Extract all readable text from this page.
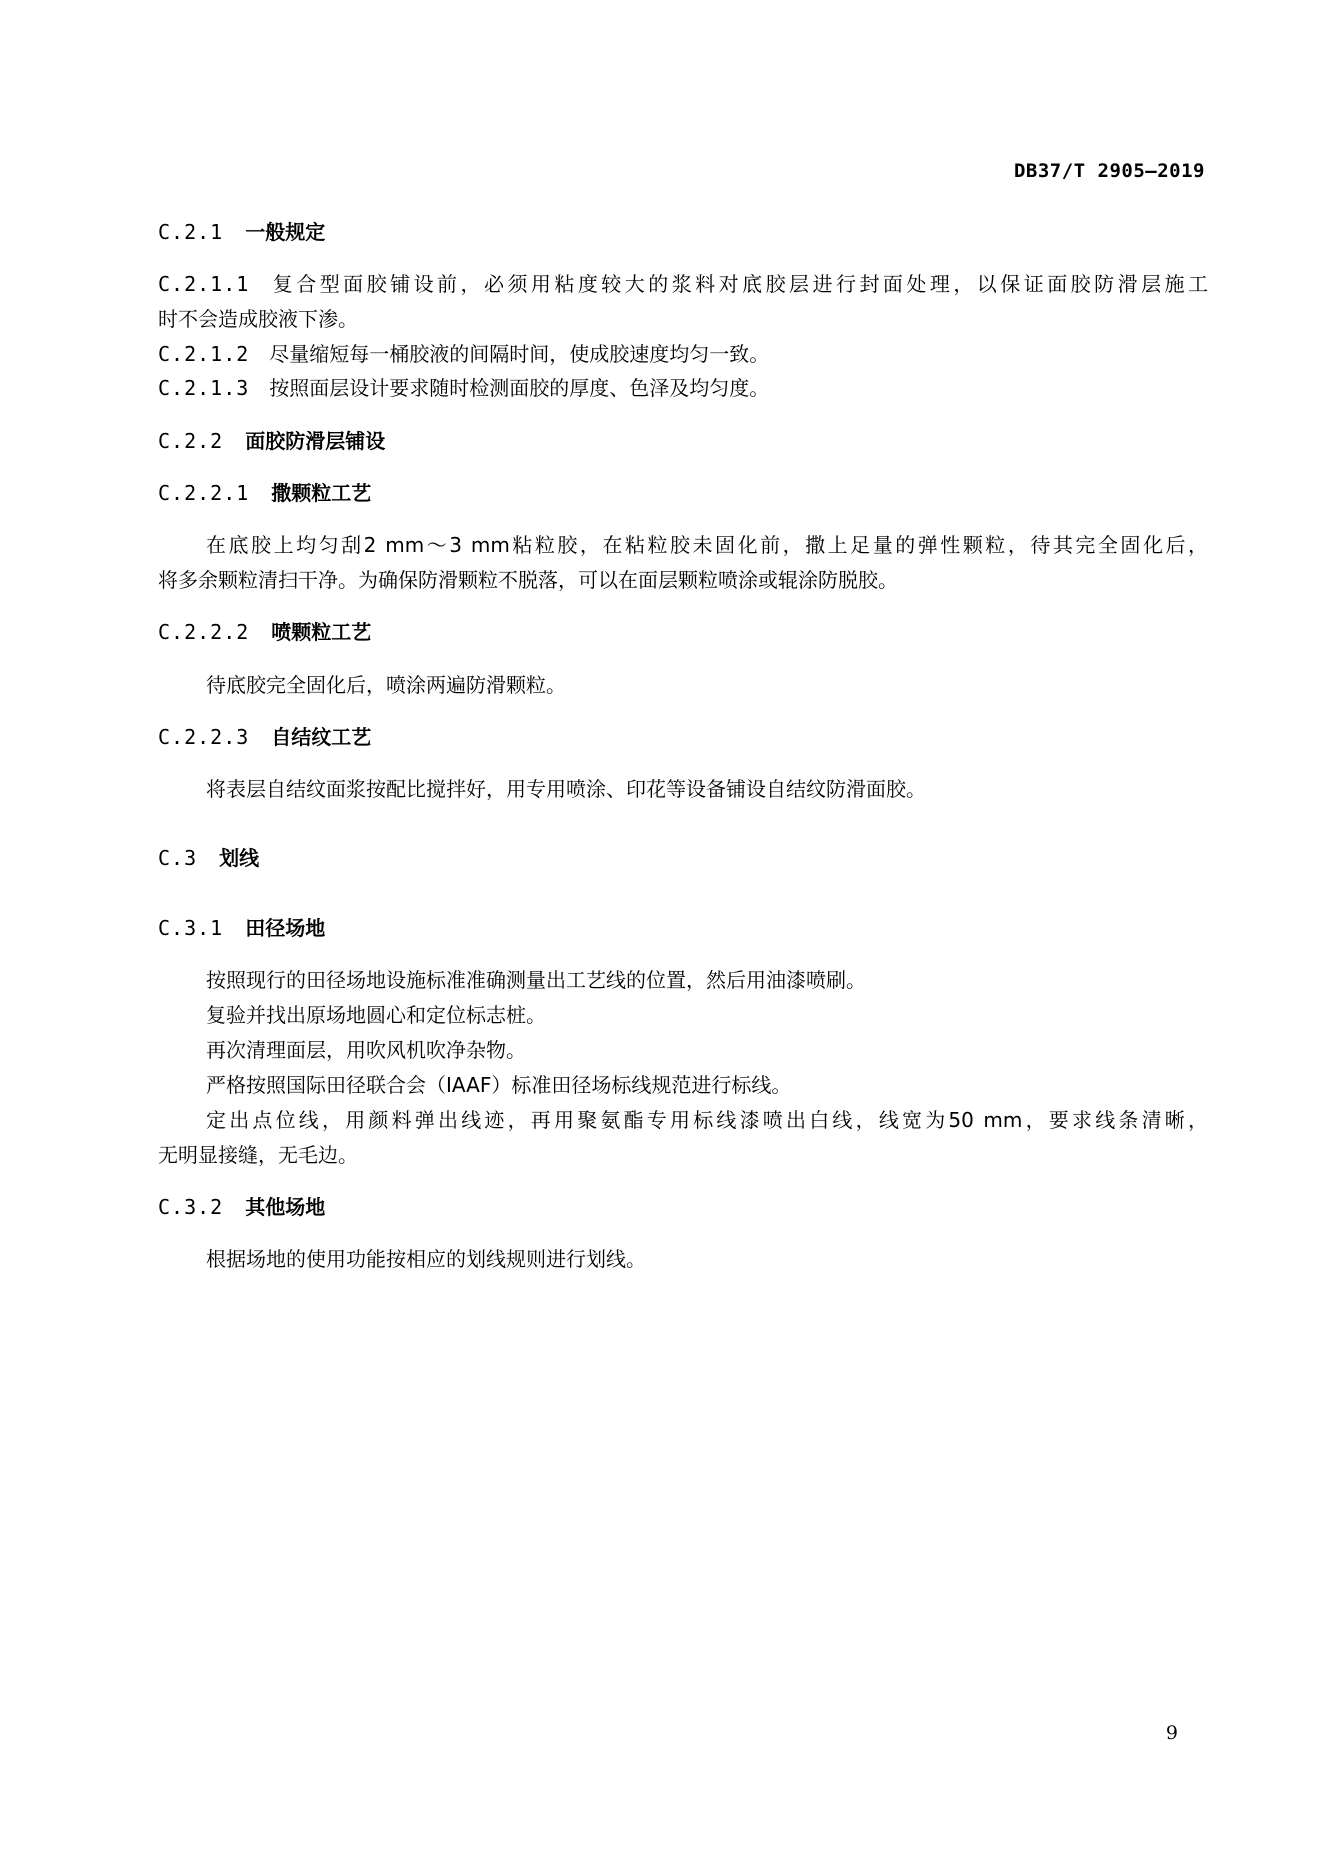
DB37/T 2905—2019
C.2.1 一般规定
C.2.1.1 复合型面胶铺设前，必须用粘度较大的浆料对底胶层进行封面处理，以保证面胶防滑层施工
时不会造成胶液下渗。
C.2.1.2 尽量缩短每一桶胶液的间隔时间，使成胶速度均匀一致。
C.2.1.3 按照面层设计要求随时检测面胶的厚度、色泽及均匀度。
C.2.2 面胶防滑层铺设
C.2.2.1 撒颗粒工艺
在底胶上均匀刮2 mm～3 mm粘粒胶，在粘粒胶未固化前，撒上足量的弹性颗粒，待其完全固化后，
将多余颗粒清扫干净。为确保防滑颗粒不脱落，可以在面层颗粒喷涂或辊涂防脱胶。
C.2.2.2 喷颗粒工艺
待底胶完全固化后，喷涂两遍防滑颗粒。
C.2.2.3 自结纹工艺
将表层自结纹面浆按配比搅拌好，用专用喷涂、印花等设备铺设自结纹防滑面胶。
C.3 划线
C.3.1 田径场地
按照现行的田径场地设施标准准确测量出工艺线的位置，然后用油漆喷刷。
复验并找出原场地圆心和定位标志桩。
再次清理面层，用吹风机吹净杂物。
严格按照国际田径联合会（IAAF）标准田径场标线规范进行标线。
定出点位线，用颜料弹出线迹，再用聚氨酯专用标线漆喷出白线，线宽为50 mm，要求线条清晰，
无明显接缝，无毛边。
C.3.2 其他场地
根据场地的使用功能按相应的划线规则进行划线。
9
